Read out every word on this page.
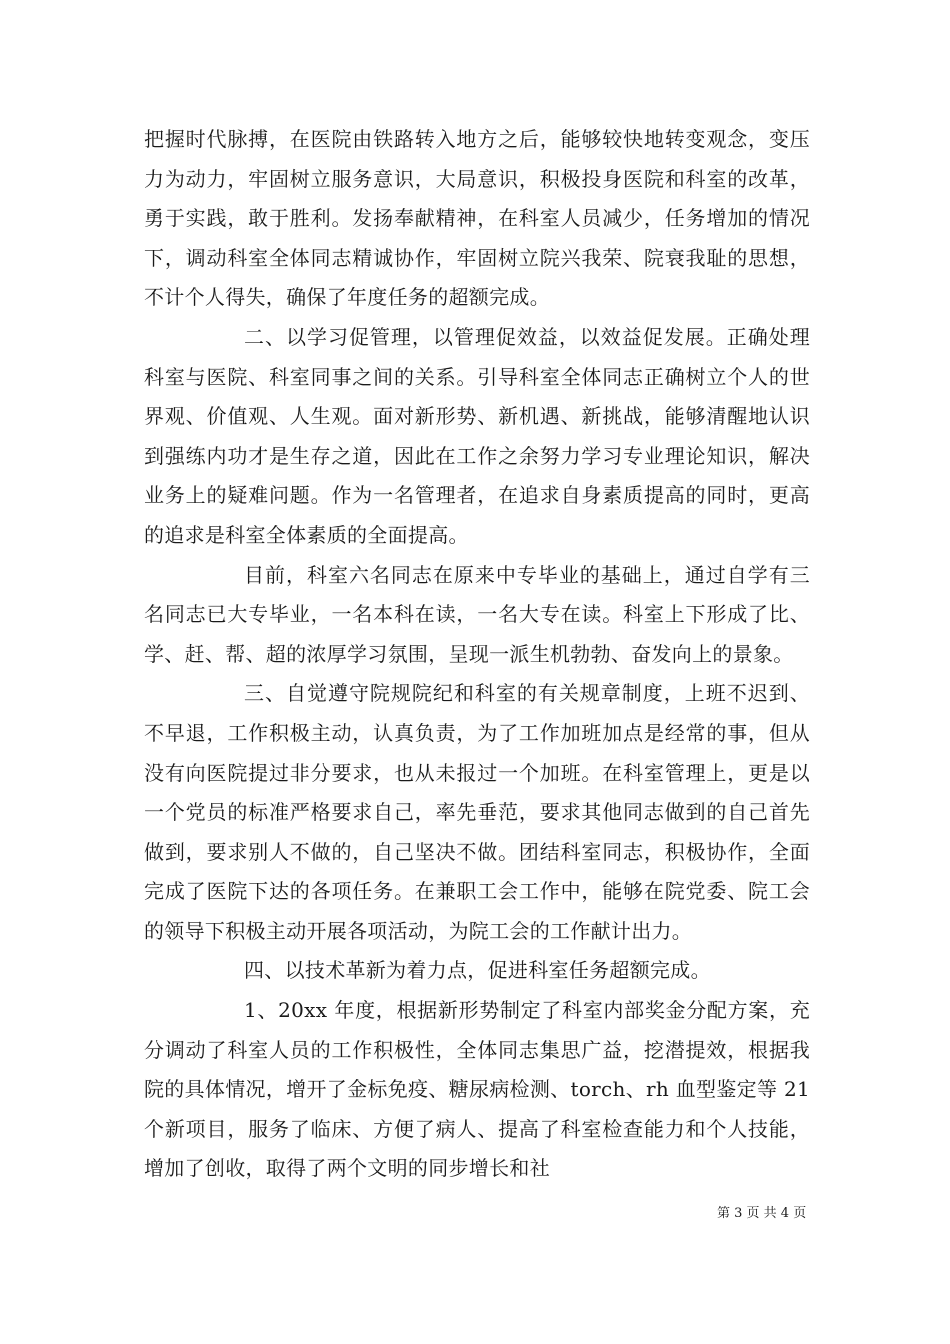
把握时代脉搏，在医院由铁路转入地方之后，能够较快地转变观念，变压力为动力，牢固树立服务意识，大局意识，积极投身医院和科室的改革，勇于实践，敢于胜利。发扬奉献精神，在科室人员减少，任务增加的情况下，调动科室全体同志精诚协作，牢固树立院兴我荣、院衰我耻的思想，不计个人得失，确保了年度任务的超额完成。

二、以学习促管理，以管理促效益，以效益促发展。正确处理科室与医院、科室同事之间的关系。引导科室全体同志正确树立个人的世界观、价值观、人生观。面对新形势、新机遇、新挑战，能够清醒地认识到强练内功才是生存之道，因此在工作之余努力学习专业理论知识，解决业务上的疑难问题。作为一名管理者，在追求自身素质提高的同时，更高的追求是科室全体素质的全面提高。

目前，科室六名同志在原来中专毕业的基础上，通过自学有三名同志已大专毕业，一名本科在读，一名大专在读。科室上下形成了比、学、赶、帮、超的浓厚学习氛围，呈现一派生机勃勃、奋发向上的景象。

三、自觉遵守院规院纪和科室的有关规章制度，上班不迟到、不早退，工作积极主动，认真负责，为了工作加班加点是经常的事，但从没有向医院提过非分要求，也从未报过一个加班。在科室管理上，更是以一个党员的标准严格要求自己，率先垂范，要求其他同志做到的自己首先做到，要求别人不做的，自己坚决不做。团结科室同志，积极协作，全面完成了医院下达的各项任务。在兼职工会工作中，能够在院党委、院工会的领导下积极主动开展各项活动，为院工会的工作献计出力。

四、以技术革新为着力点，促进科室任务超额完成。

1、20xx 年度，根据新形势制定了科室内部奖金分配方案，充分调动了科室人员的工作积极性，全体同志集思广益，挖潜提效，根据我院的具体情况，增开了金标免疫、糖尿病检测、torch、rh 血型鉴定等 21 个新项目，服务了临床、方便了病人、提高了科室检查能力和个人技能，增加了创收，取得了两个文明的同步增长和社

第 3 页 共 4 页
